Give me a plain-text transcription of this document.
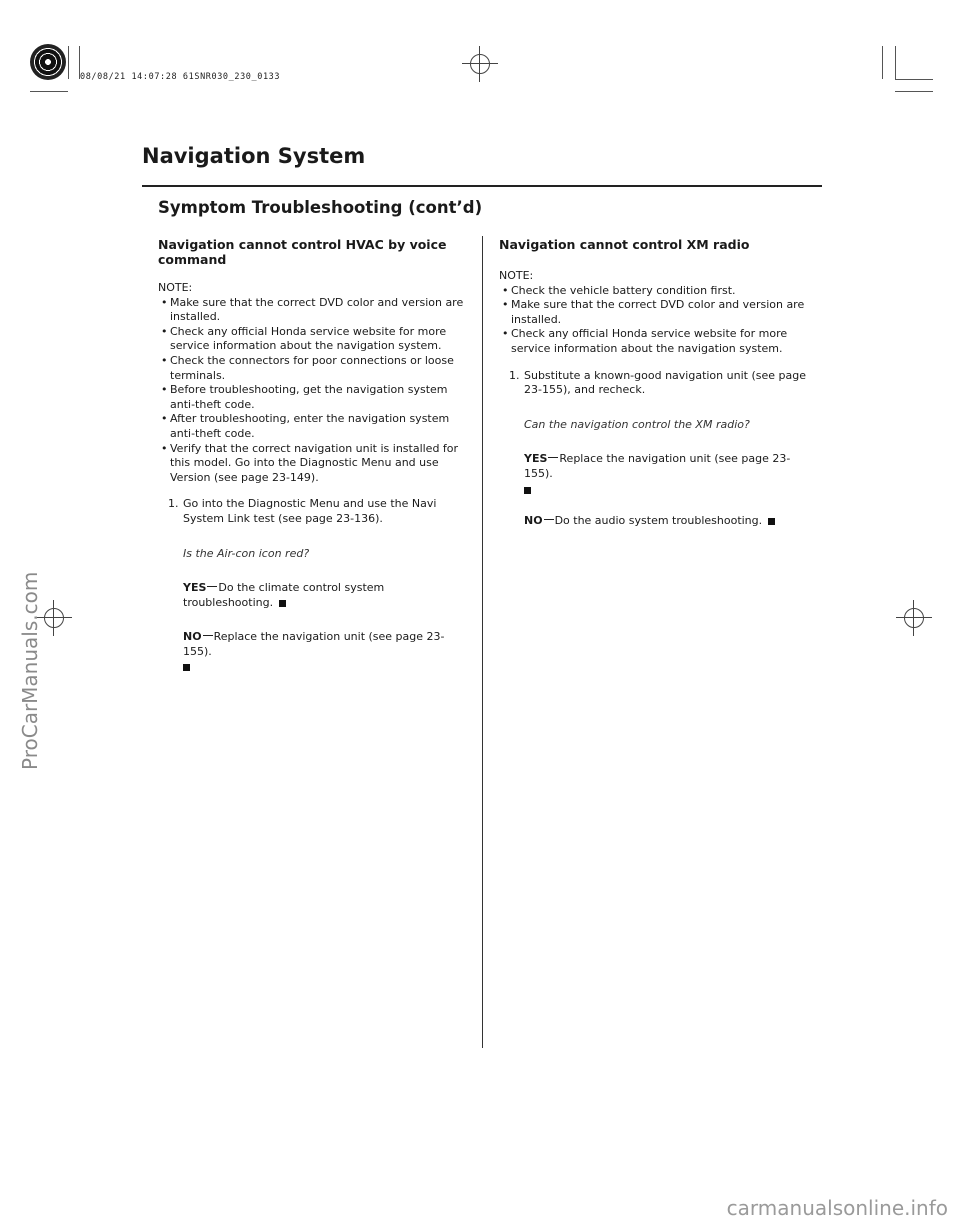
08/08/21 14:07:28 61SNR030_230_0133
Navigation System
Symptom Troubleshooting (cont’d)
Navigation cannot control HVAC by voice command
NOTE:
• Make sure that the correct DVD color and version are installed.
• Check any official Honda service website for more service information about the navigation system.
• Check the connectors for poor connections or loose terminals.
• Before troubleshooting, get the navigation system anti-theft code.
• After troubleshooting, enter the navigation system anti-theft code.
• Verify that the correct navigation unit is installed for this model. Go into the Diagnostic Menu and use Version (see page 23-149).
1. Go into the Diagnostic Menu and use the Navi System Link test (see page 23-136).
Is the Air-con icon red?
YES Do the climate control system troubleshooting.
NO Replace the navigation unit (see page 23-155).
Navigation cannot control XM radio
NOTE:
• Check the vehicle battery condition first.
• Make sure that the correct DVD color and version are installed.
• Check any official Honda service website for more service information about the navigation system.
1. Substitute a known-good navigation unit (see page 23-155), and recheck.
Can the navigation control the XM radio?
YES Replace the navigation unit (see page 23-155).
NO Do the audio system troubleshooting.
ProCarManuals.com
carmanualsonline.info
